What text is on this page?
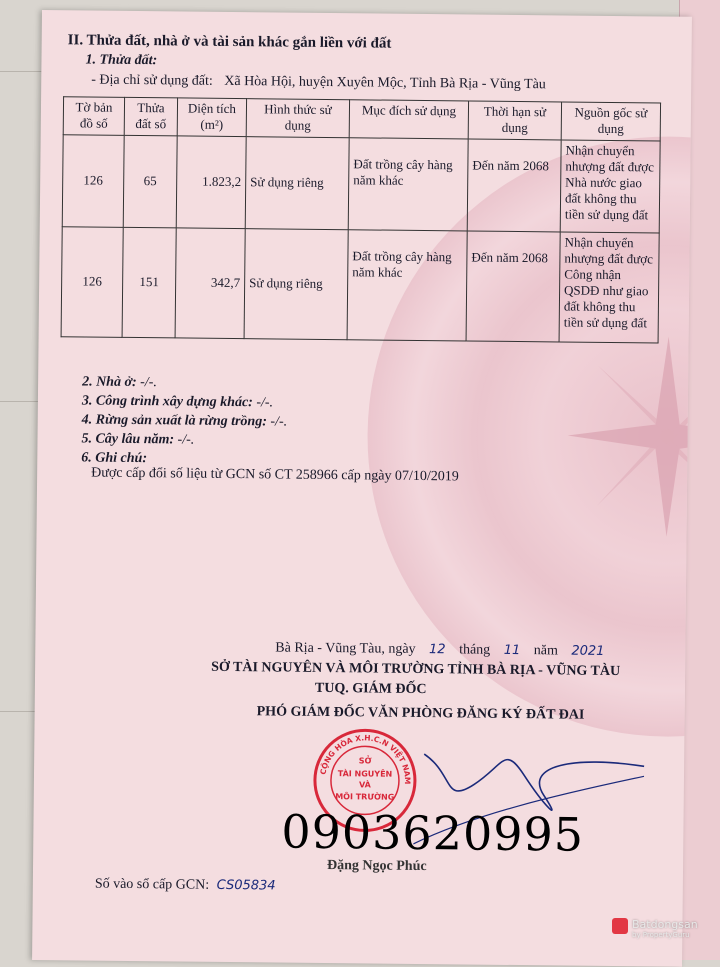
II. Thửa đất, nhà ở và tài sản khác gắn liền với đất
1. Thửa đất:
- Địa chỉ sử dụng đất: Xã Hòa Hội, huyện Xuyên Mộc, Tỉnh Bà Rịa - Vũng Tàu
Tờ bản đồ số	Thửa đất số	Diện tích (m²)	Hình thức sử dụng	Mục đích sử dụng	Thời hạn sử dụng	Nguồn gốc sử dụng
126	65	1.823,2	Sử dụng riêng	Đất trồng cây hàng năm khác	Đến năm 2068	Nhận chuyển nhượng đất được Nhà nước giao đất không thu tiền sử dụng đất
126	151	342,7	Sử dụng riêng	Đất trồng cây hàng năm khác	Đến năm 2068	Nhận chuyển nhượng đất được Công nhận QSDĐ như giao đất không thu tiền sử dụng đất
2. Nhà ở: -/-.
3. Công trình xây dựng khác: -/-.
4. Rừng sản xuất là rừng trồng: -/-.
5. Cây lâu năm: -/-.
6. Ghi chú:
Được cấp đổi số liệu từ GCN số CT 258966 cấp ngày 07/10/2019
Bà Rịa - Vũng Tàu, ngày 12 tháng 11 năm 2021
SỞ TÀI NGUYÊN VÀ MÔI TRƯỜNG TỈNH BÀ RỊA - VŨNG TÀU
TUQ. GIÁM ĐỐC
PHÓ GIÁM ĐỐC VĂN PHÒNG ĐĂNG KÝ ĐẤT ĐAI
CỘNG HÒA X.H.C.N VIỆT NAM
SỞ
TÀI NGUYÊN
VÀ
MÔI TRƯỜNG
0903620995
Đặng Ngọc Phúc
Số vào sổ cấp GCN: CS05834
Batdongsan
by PropertyGuru
